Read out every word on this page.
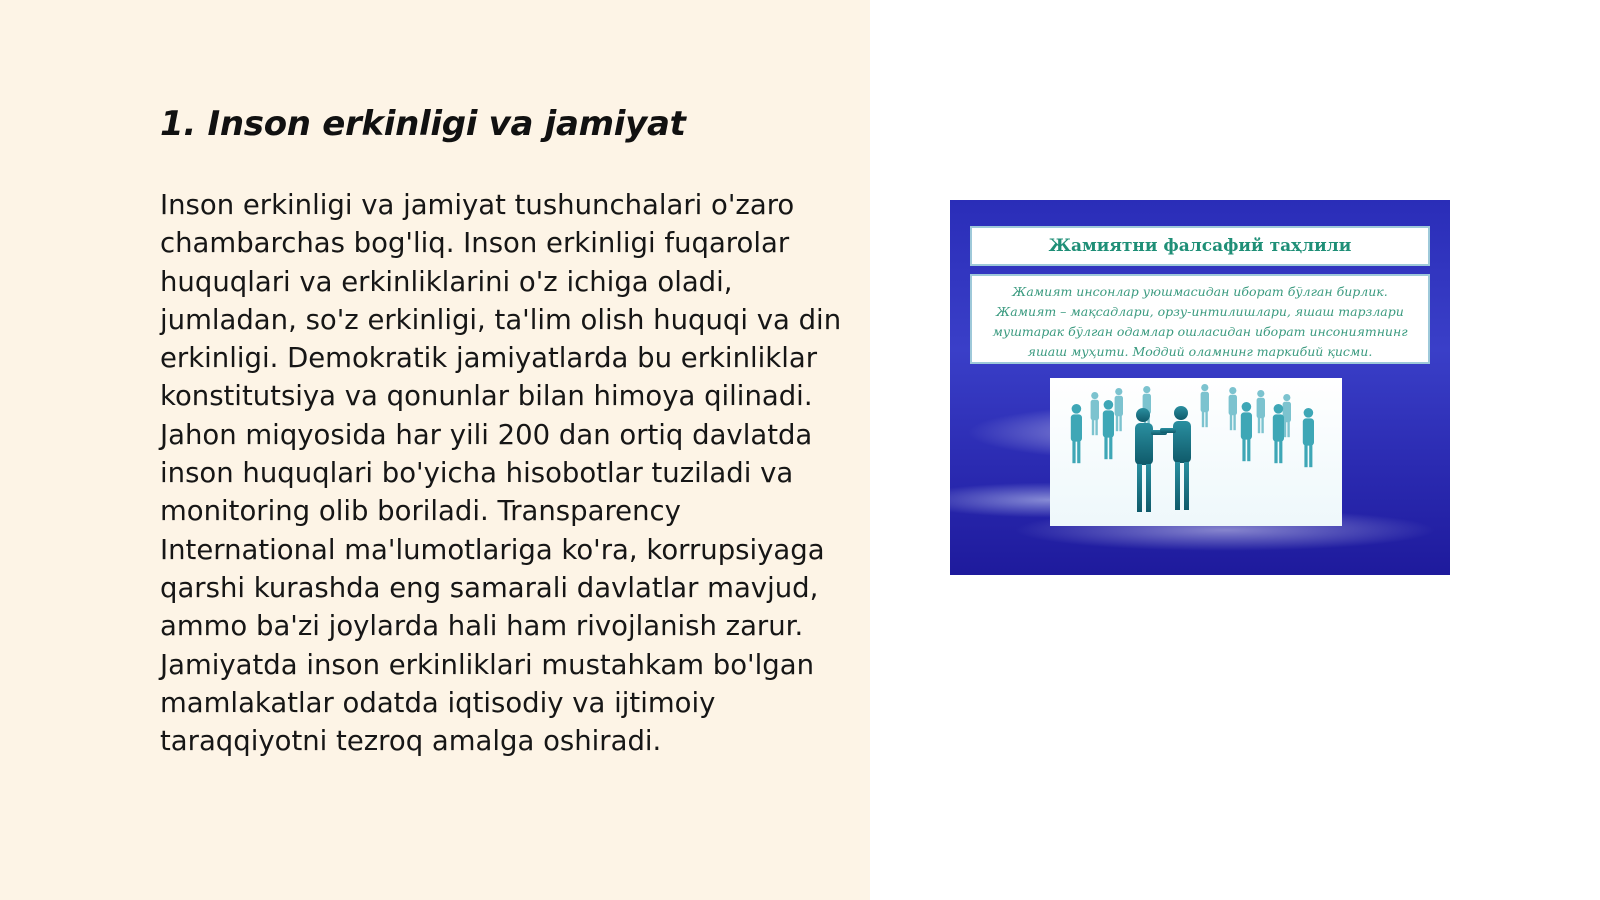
1. Inson erkinligi va jamiyat

Inson erkinligi va jamiyat tushunchalari o'zaro chambarchas bog'liq. Inson erkinligi fuqarolar huquqlari va erkinliklarini o'z ichiga oladi, jumladan, so'z erkinligi, ta'lim olish huquqi va din erkinligi. Demokratik jamiyatlarda bu erkinliklar konstitutsiya va qonunlar bilan himoya qilinadi. Jahon miqyosida har yili 200 dan ortiq davlatda inson huquqlari bo'yicha hisobotlar tuziladi va monitoring olib boriladi. Transparency International ma'lumotlariga ko'ra, korrupsiyaga qarshi kurashda eng samarali davlatlar mavjud, ammo ba'zi joylarda hali ham rivojlanish zarur. Jamiyatda inson erkinliklari mustahkam bo'lgan mamlakatlar odatda iqtisodiy va ijtimoiy taraqqiyotni tezroq amalga oshiradi.

Жамиятни фалсафий таҳлили

Жамият инсонлар уюшмасидан иборат бўлган бирлик. Жамият – мақсадлари, орзу-интилишлари, яшаш тарзлари муштарак бўлган одамлар ошласидан иборат инсониятнинг яшаш муҳити. Моддий оламнинг таркибий қисми.
